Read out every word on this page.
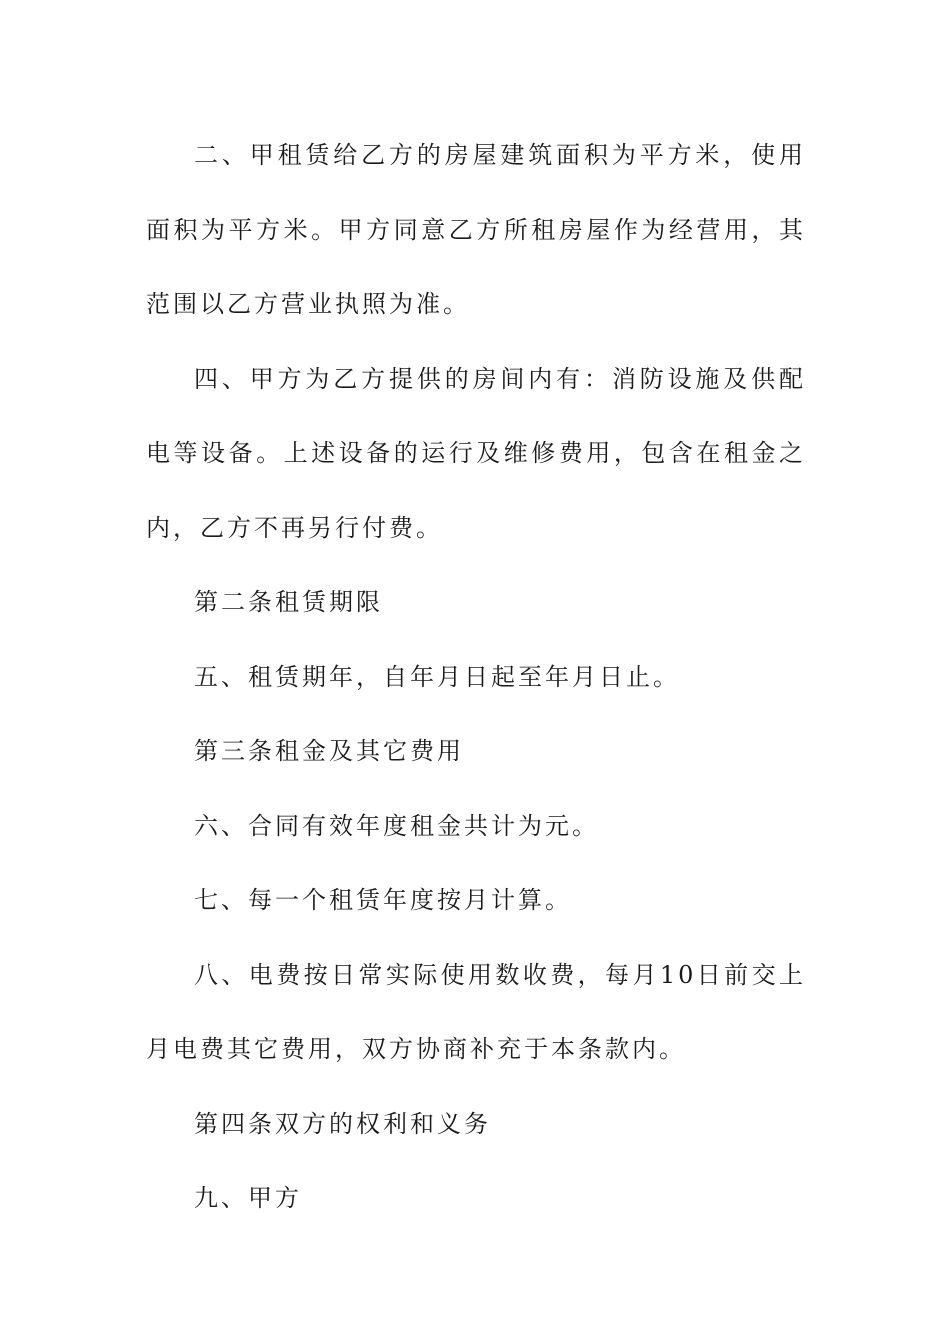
二、甲租赁给乙方的房屋建筑面积为平方米，使用面积为平方米。甲方同意乙方所租房屋作为经营用，其范围以乙方营业执照为准。

四、甲方为乙方提供的房间内有：消防设施及供配电等设备。上述设备的运行及维修费用，包含在租金之内，乙方不再另行付费。

第二条租赁期限

五、租赁期年，自年月日起至年月日止。

第三条租金及其它费用

六、合同有效年度租金共计为元。

七、每一个租赁年度按月计算。

八、电费按日常实际使用数收费，每月10日前交上月电费其它费用，双方协商补充于本条款内。

第四条双方的权利和义务

九、甲方
